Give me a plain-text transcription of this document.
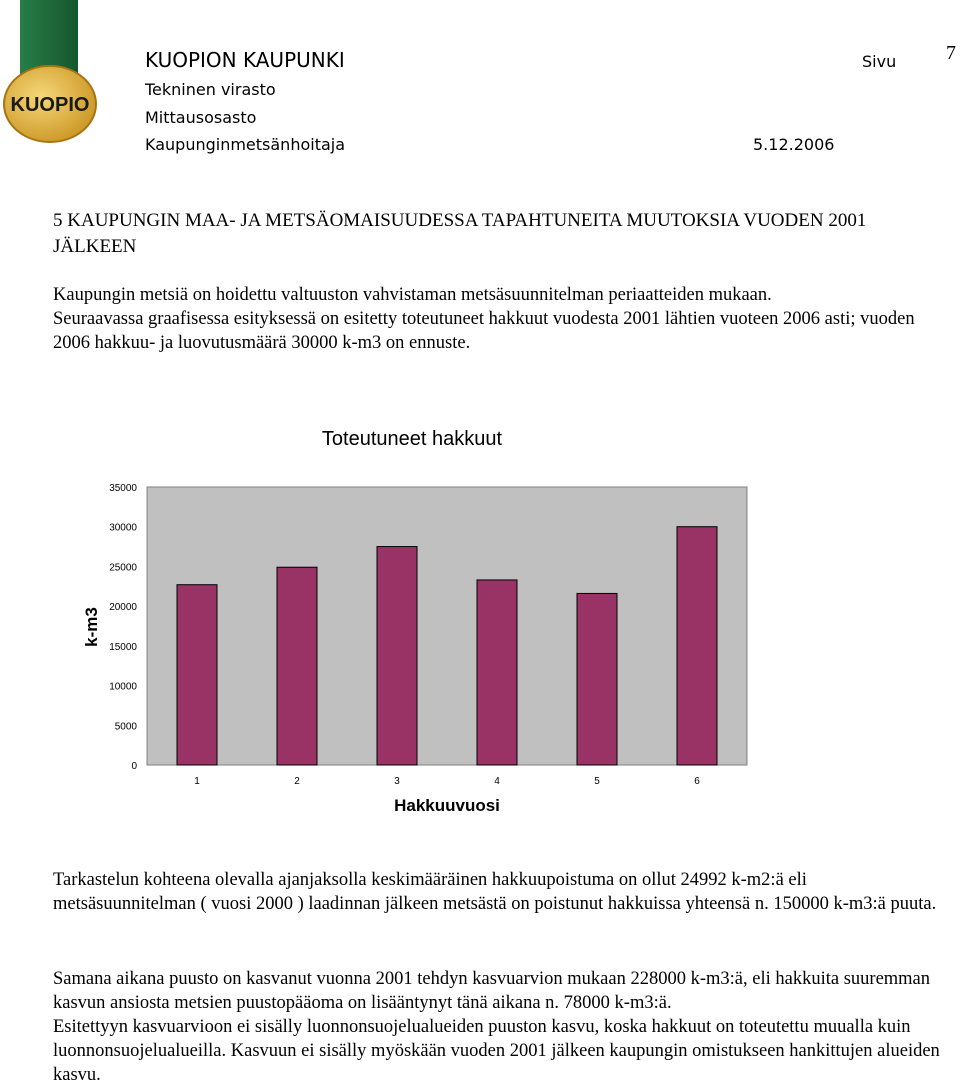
KUOPIO
KUOPION KAUPUNKI
Tekninen virasto
Mittausosasto
Kaupunginmetsänhoitaja	5.12.2006
Sivu 7
5 KAUPUNGIN MAA- JA METSÄOMAISUUDESSA TAPAHTUNEITA MUUTOKSIA VUODEN 2001 JÄLKEEN

Kaupungin metsiä on hoidettu valtuuston vahvistaman metsäsuunnitelman periaatteiden mukaan.

Seuraavassa graafisessa esityksessä on esitetty toteutuneet hakkuut vuodesta 2001 lähtien vuoteen 2006 asti; vuoden 2006 hakkuu- ja luovutusmäärä 30000 k-m3 on ennuste.

Toteutuneet hakkuut
0
5000
10000
15000
20000
25000
30000
35000
1	2	3	4	5	6
k-m3
Hakkuuvuosi

Tarkastelun kohteena olevalla ajanjaksolla keskimääräinen hakkuupoistuma on ollut 24992 k-m2:ä eli metsäsuunnitelman ( vuosi 2000 ) laadinnan jälkeen metsästä on poistunut hakkuissa yhteensä n. 150000 k-m3:ä puuta.

Samana aikana puusto on kasvanut vuonna 2001 tehdyn kasvuarvion mukaan 228000 k-m3:ä, eli hakkuita suuremman kasvun ansiosta metsien puustopääoma on lisääntynyt tänä aikana n. 78000 k-m3:ä.

Esitettyyn kasvuarvioon ei sisälly luonnonsuojelualueiden puuston kasvu, koska hakkuut on toteutettu muualla kuin luonnonsuojelualueilla. Kasvuun ei sisälly myöskään vuoden 2001 jälkeen kaupungin omistukseen hankittujen alueiden kasvu.
